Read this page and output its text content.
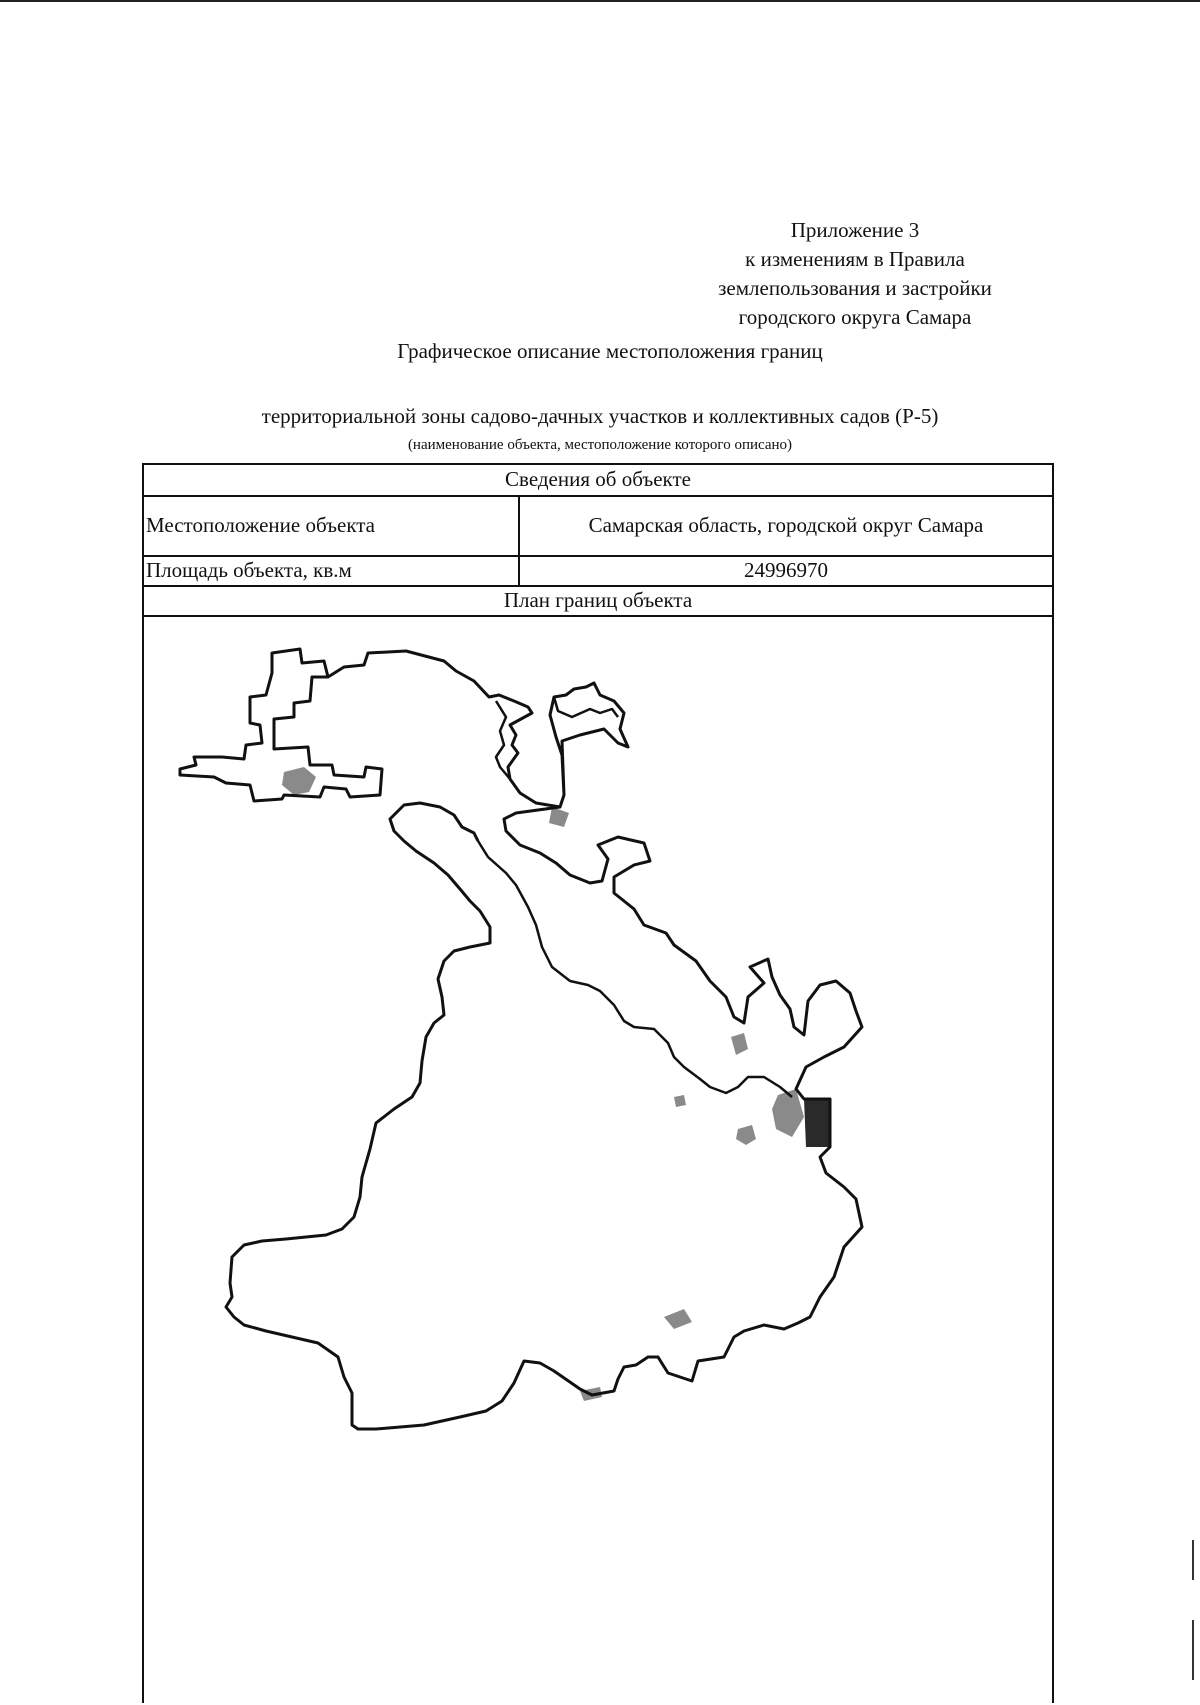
Приложение 3
к изменениям в Правила
землепользования и застройки
городского округа Самара
Графическое описание местоположения границ
территориальной зоны садово-дачных участков и коллективных садов (Р-5)
(наименование объекта, местоположение которого описано)
Сведения об объекте
Местоположение объекта	Самарская область, городской округ Самара
Площадь объекта, кв.м	24996970
План границ объекта
